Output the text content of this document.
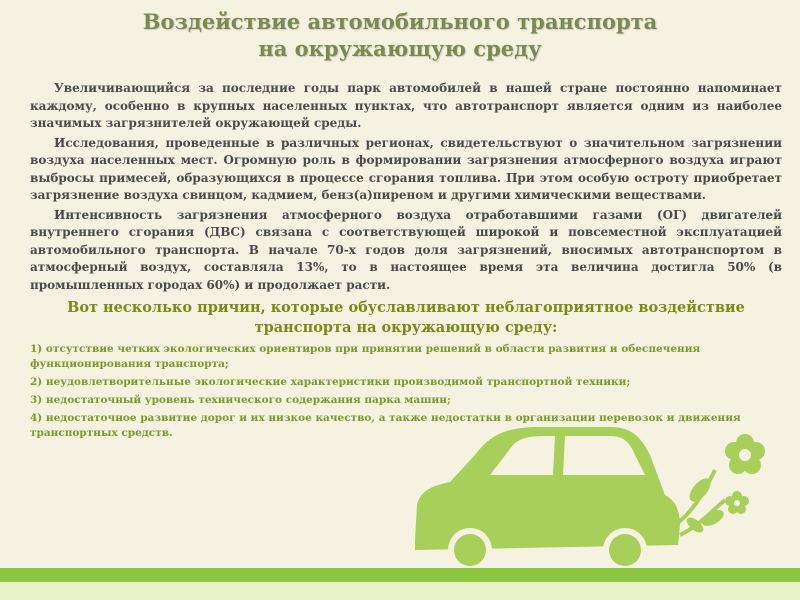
Воздействие автомобильного транспорта
на окружающую среду
Увеличивающийся за последние годы парк автомобилей в нашей стране постоянно напоминает каждому, особенно в крупных населенных пунктах, что автотранспорт является одним из наиболее значимых загрязнителей окружающей среды.
Исследования, проведенные в различных регионах, свидетельствуют о значительном загрязнении воздуха населенных мест. Огромную роль в формировании загрязнения атмосферного воздуха играют выбросы примесей, образующихся в процессе сгорания топлива. При этом особую остроту приобретает загрязнение воздуха свинцом, кадмием, бенз(а)пиреном и другими химическими веществами.
Интенсивность загрязнения атмосферного воздуха отработавшими газами (ОГ) двигателей внутреннего сгорания (ДВС) связана с соответствующей широкой и повсеместной эксплуатацией автомобильного транспорта. В начале 70-х годов доля загрязнений, вносимых автотранспортом в атмосферный воздух, составляла 13%, то в настоящее время эта величина достигла 50% (в промышленных городах 60%) и продолжает расти.
Вот несколько причин, которые обуславливают неблагоприятное воздействие транспорта на окружающую среду:
1) отсутствие четких экологических ориентиров при принятии решений в области развития и обеспечения функционирования транспорта;
2) неудовлетворительные экологические характеристики производимой транспортной техники;
3) недостаточный уровень технического содержания парка машин;
4) недостаточное развитие дорог и их низкое качество, а также недостатки в организации перевозок и движения транспортных средств.
